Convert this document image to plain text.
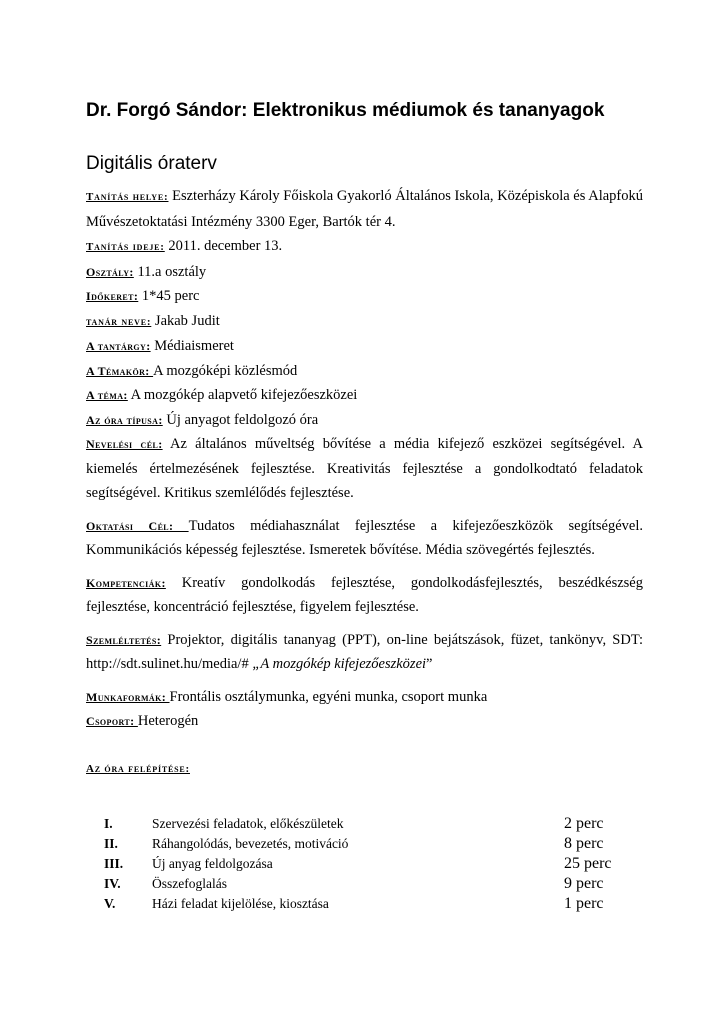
Dr. Forgó Sándor: Elektronikus médiumok és tananyagok
Digitális óraterv

Tanítás helye: Eszterházy Károly Főiskola Gyakorló Általános Iskola, Középiskola és Alapfokú Művészetoktatási Intézmény 3300 Eger, Bartók tér 4.

Tanítás ideje: 2011. december 13.

Osztály: 11.a osztály

Időkeret: 1*45 perc

tanár neve: Jakab Judit

A tantárgy: Médiaismeret

A Témakör: A mozgóképi közlésmód

A téma: A mozgókép alapvető kifejezőeszközei

Az óra típusa: Új anyagot feldolgozó óra

Nevelési cél: Az általános műveltség bővítése a média kifejező eszközei segítségével. A kiemelés értelmezésének fejlesztése. Kreativitás fejlesztése a gondolkodtató feladatok segítségével. Kritikus szemlélődés fejlesztése.

Oktatási Cél: Tudatos médiahasználat fejlesztése a kifejezőeszközök segítségével. Kommunikációs képesség fejlesztése. Ismeretek bővítése. Média szövegértés fejlesztés.

Kompetenciák: Kreatív gondolkodás fejlesztése, gondolkodásfejlesztés, beszédkészség fejlesztése, koncentráció fejlesztése, figyelem fejlesztése.

Szemléltetés: Projektor, digitális tananyag (PPT), on-line bejátszások, füzet, tankönyv, SDT: http://sdt.sulinet.hu/media/# „A mozgókép kifejezőeszközei”

Munkaformák: Frontális osztálymunka, egyéni munka, csoport munka

Csoport: Heterogén

Az óra felépítése:
I.	Szervezési feladatok, előkészületek	2 perc
II.	Ráhangolódás, bevezetés, motiváció	8 perc
III.	Új anyag feldolgozása	25 perc
IV.	Összefoglalás	9 perc
V.	Házi feladat kijelölése, kiosztása	1 perc
